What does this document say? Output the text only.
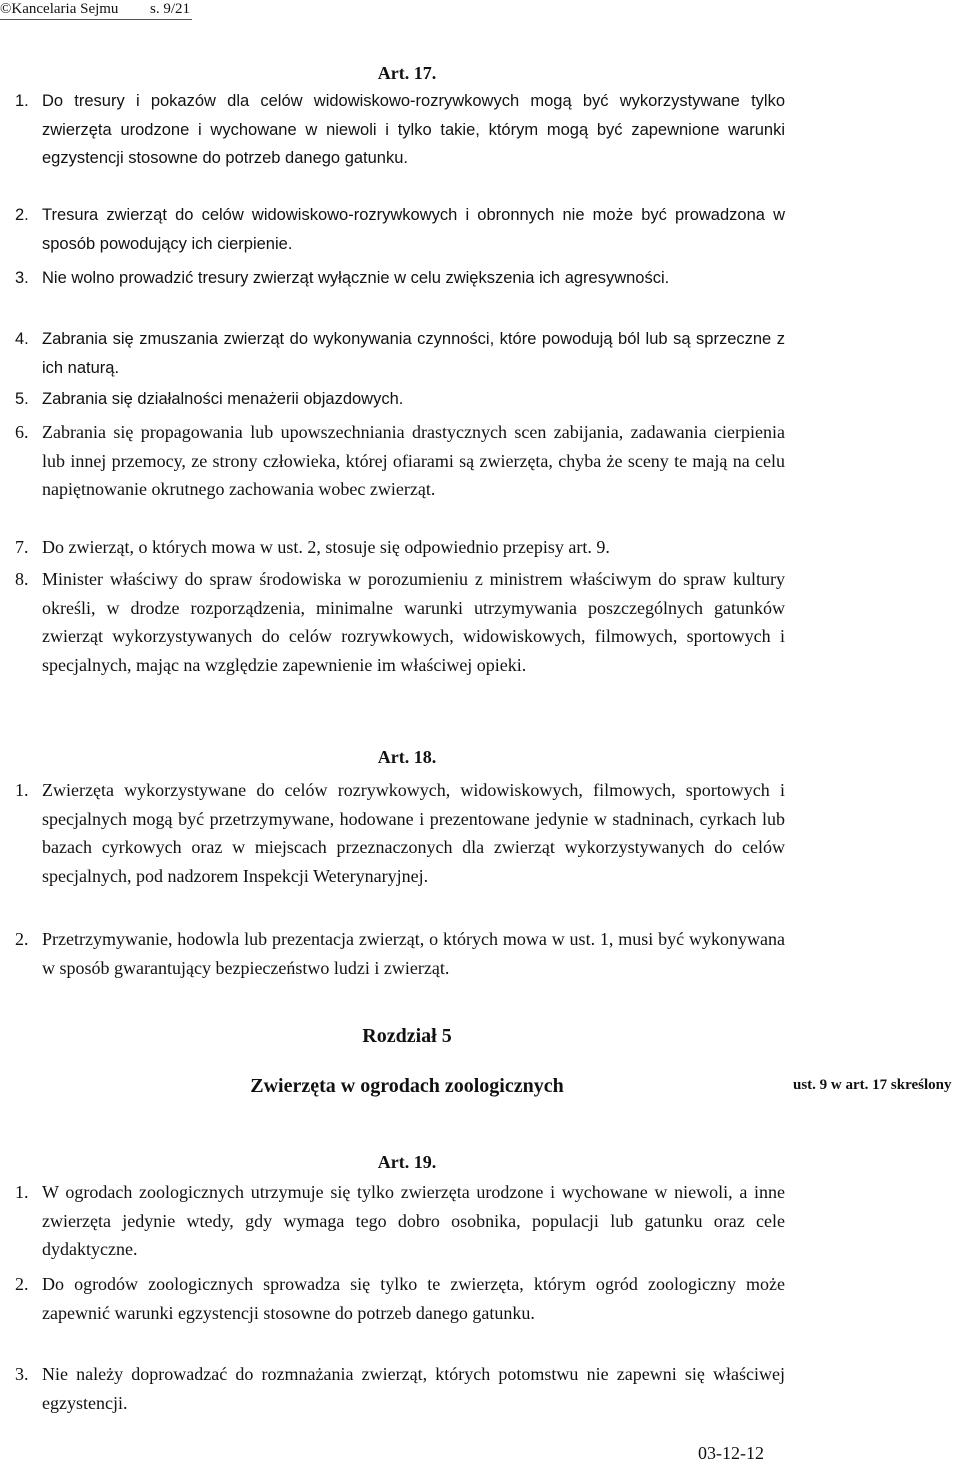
©Kancelaria Sejmu s. 9/21
Art. 17.
1. Do tresury i pokazów dla celów widowiskowo-rozrywkowych mogą być wykorzystywane tylko zwierzęta urodzone i wychowane w niewoli i tylko takie, którym mogą być zapewnione warunki egzystencji stosowne do potrzeb danego gatunku.
2. Tresura zwierząt do celów widowiskowo-rozrywkowych i obronnych nie może być prowadzona w sposób powodujący ich cierpienie.
3. Nie wolno prowadzić tresury zwierząt wyłącznie w celu zwiększenia ich agresywności.
4. Zabrania się zmuszania zwierząt do wykonywania czynności, które powodują ból lub są sprzeczne z ich naturą.
5. Zabrania się działalności menażerii objazdowych.
6. Zabrania się propagowania lub upowszechniania drastycznych scen zabijania, zadawania cierpienia lub innej przemocy, ze strony człowieka, której ofiarami są zwierzęta, chyba że sceny te mają na celu napiętnowanie okrutnego zachowania wobec zwierząt.
7. Do zwierząt, o których mowa w ust. 2, stosuje się odpowiednio przepisy art. 9.
8. Minister właściwy do spraw środowiska w porozumieniu z ministrem właściwym do spraw kultury określi, w drodze rozporządzenia, minimalne warunki utrzymywania poszczególnych gatunków zwierząt wykorzystywanych do celów rozrywkowych, widowiskowych, filmowych, sportowych i specjalnych, mając na względzie zapewnienie im właściwej opieki.
Art. 18.
1. Zwierzęta wykorzystywane do celów rozrywkowych, widowiskowych, filmowych, sportowych i specjalnych mogą być przetrzymywane, hodowane i prezentowane jedynie w stadninach, cyrkach lub bazach cyrkowych oraz w miejscach przeznaczonych dla zwierząt wykorzystywanych do celów specjalnych, pod nadzorem Inspekcji Weterynaryjnej.
2. Przetrzymywanie, hodowla lub prezentacja zwierząt, o których mowa w ust. 1, musi być wykonywana w sposób gwarantujący bezpieczeństwo ludzi i zwierząt.
Rozdział 5
Zwierzęta w ogrodach zoologicznych	ust. 9 w art. 17 skreślony
Art. 19.
1. W ogrodach zoologicznych utrzymuje się tylko zwierzęta urodzone i wychowane w niewoli, a inne zwierzęta jedynie wtedy, gdy wymaga tego dobro osobnika, populacji lub gatunku oraz cele dydaktyczne.
2. Do ogrodów zoologicznych sprowadza się tylko te zwierzęta, którym ogród zoologiczny może zapewnić warunki egzystencji stosowne do potrzeb danego gatunku.
3. Nie należy doprowadzać do rozmnażania zwierząt, których potomstwu nie zapewni się właściwej egzystencji.
03-12-12
